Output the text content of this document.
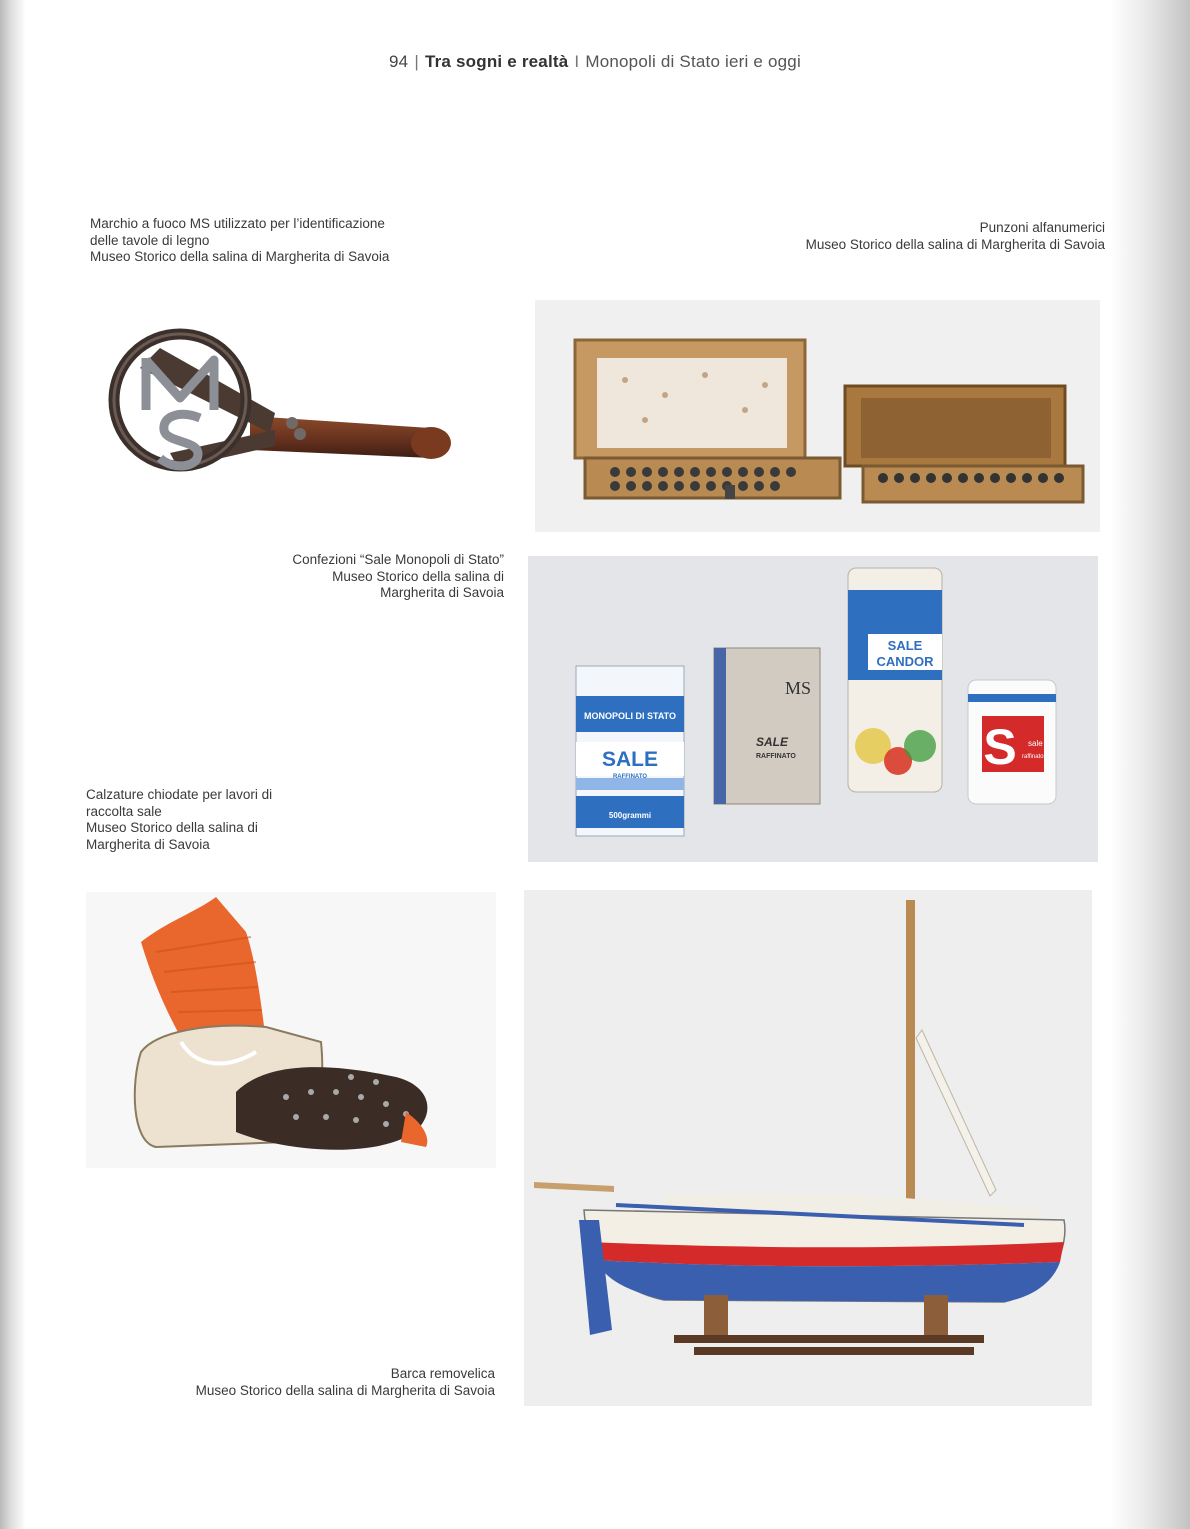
94 | Tra sogni e realtà I Monopoli di Stato ieri e oggi
Marchio a fuoco MS utilizzato per l’identificazione
delle tavole di legno
Museo Storico della salina di Margherita di Savoia
Punzoni alfanumerici
Museo Storico della salina di Margherita di Savoia
Confezioni “Sale Monopoli di Stato”
Museo Storico della salina di
Margherita di Savoia
MONOPOLI DI STATO
SALE
RAFFINATO
500grammi
MS
SALE
RAFFINATO
SALE
CANDOR
S sale
raffinato
Calzature chiodate per lavori di
raccolta sale
Museo Storico della salina di
Margherita di Savoia
Barca removelica
Museo Storico della salina di Margherita di Savoia
